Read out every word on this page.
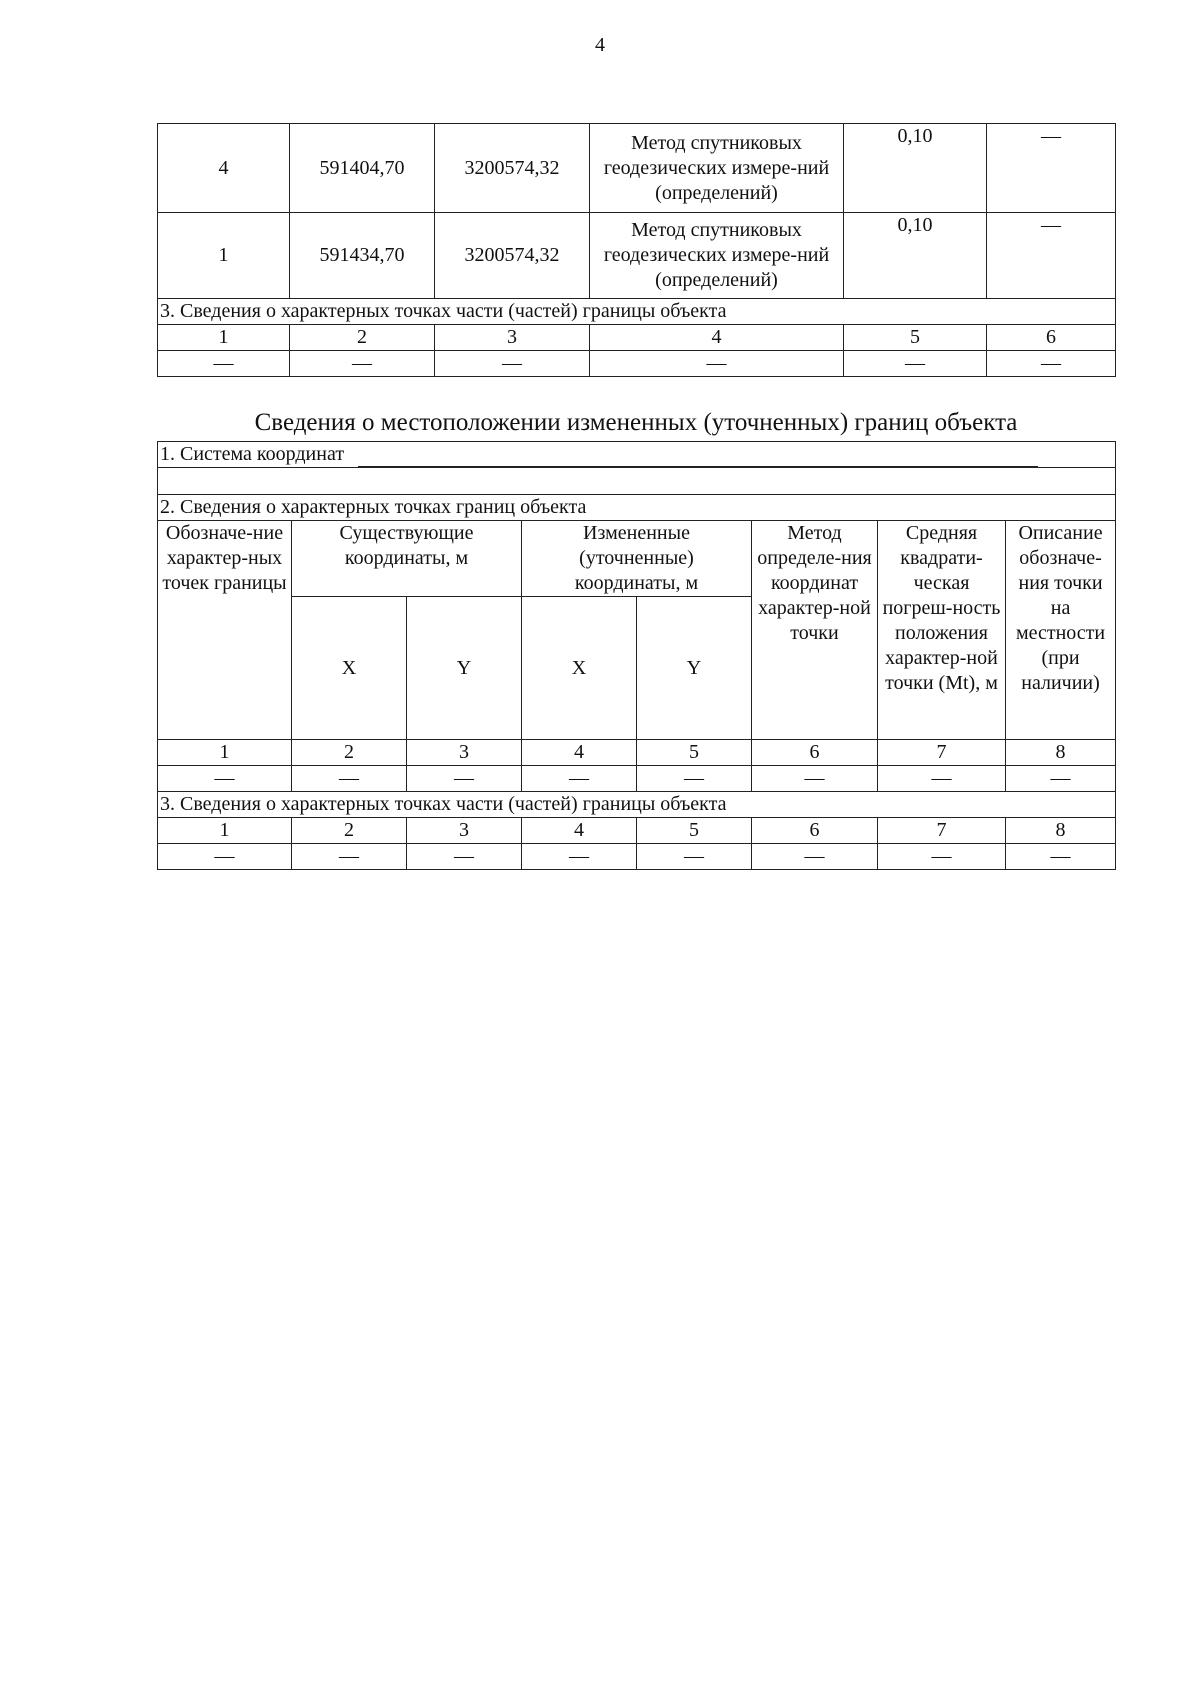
4
4	591404,70	3200574,32	Метод спутниковых геодезических измере-ний (определений)	0,10	—
1	591434,70	3200574,32	Метод спутниковых геодезических измере-ний (определений)	0,10	—
3. Сведения о характерных точках части (частей) границы объекта					
1	2	3	4	5	6
—	—	—	—	—	—
Сведения о местоположении измененных (уточненных) границ объекта
1. Система координат							

2. Сведения о характерных точках границ объекта							
Обозначе-ние характер-ных точек границы	Существующие координаты, м		Измененные (уточненные) координаты, м		Метод определе-ния координат характер-ной точки	Средняя квадрати-ческая погреш-ность положения характер-ной точки (Mt), м	Описание обозначе-ния точки на местности (при наличии)
	X	Y	X	Y			
1	2	3	4	5	6	7	8
—	—	—	—	—	—	—	—
3. Сведения о характерных точках части (частей) границы объекта							
1	2	3	4	5	6	7	8
—	—	—	—	—	—	—	—
